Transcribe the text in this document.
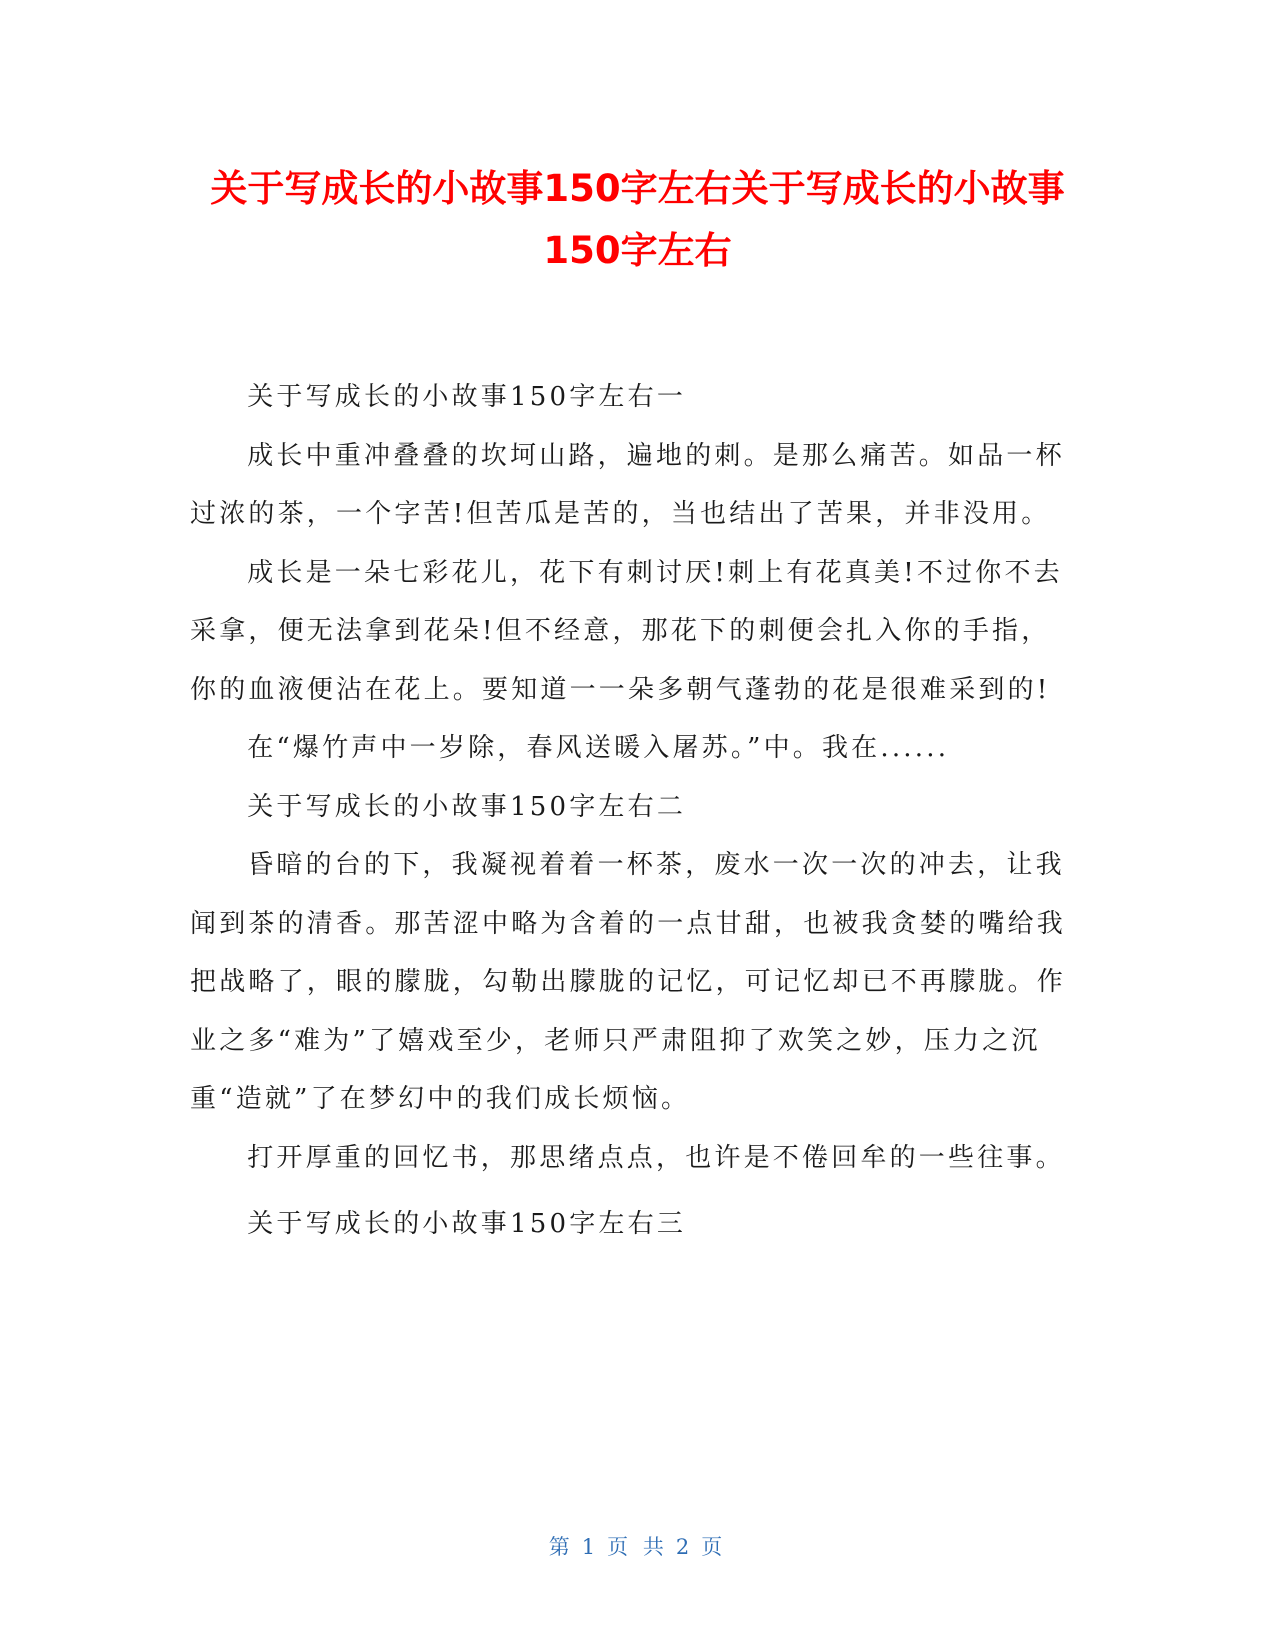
关于写成长的小故事150字左右关于写成长的小故事150字左右

关于写成长的小故事150字左右一

成长中重冲叠叠的坎坷山路，遍地的刺。是那么痛苦。如品一杯过浓的茶，一个字苦!但苦瓜是苦的，当也结出了苦果，并非没用。

成长是一朵七彩花儿，花下有刺讨厌!刺上有花真美!不过你不去采拿，便无法拿到花朵!但不经意，那花下的刺便会扎入你的手指，你的血液便沾在花上。要知道一一朵多朝气蓬勃的花是很难采到的!

在“爆竹声中一岁除，春风送暖入屠苏。”中。我在......

关于写成长的小故事150字左右二

昏暗的台的下，我凝视着着一杯茶，废水一次一次的冲去，让我闻到茶的清香。那苦涩中略为含着的一点甘甜，也被我贪婪的嘴给我把战略了，眼的朦胧，勾勒出朦胧的记忆，可记忆却已不再朦胧。作业之多“难为”了嬉戏至少，老师只严肃阻抑了欢笑之妙，压力之沉重“造就”了在梦幻中的我们成长烦恼。

打开厚重的回忆书，那思绪点点，也许是不倦回牟的一些往事。

关于写成长的小故事150字左右三

第 1 页 共 2 页
